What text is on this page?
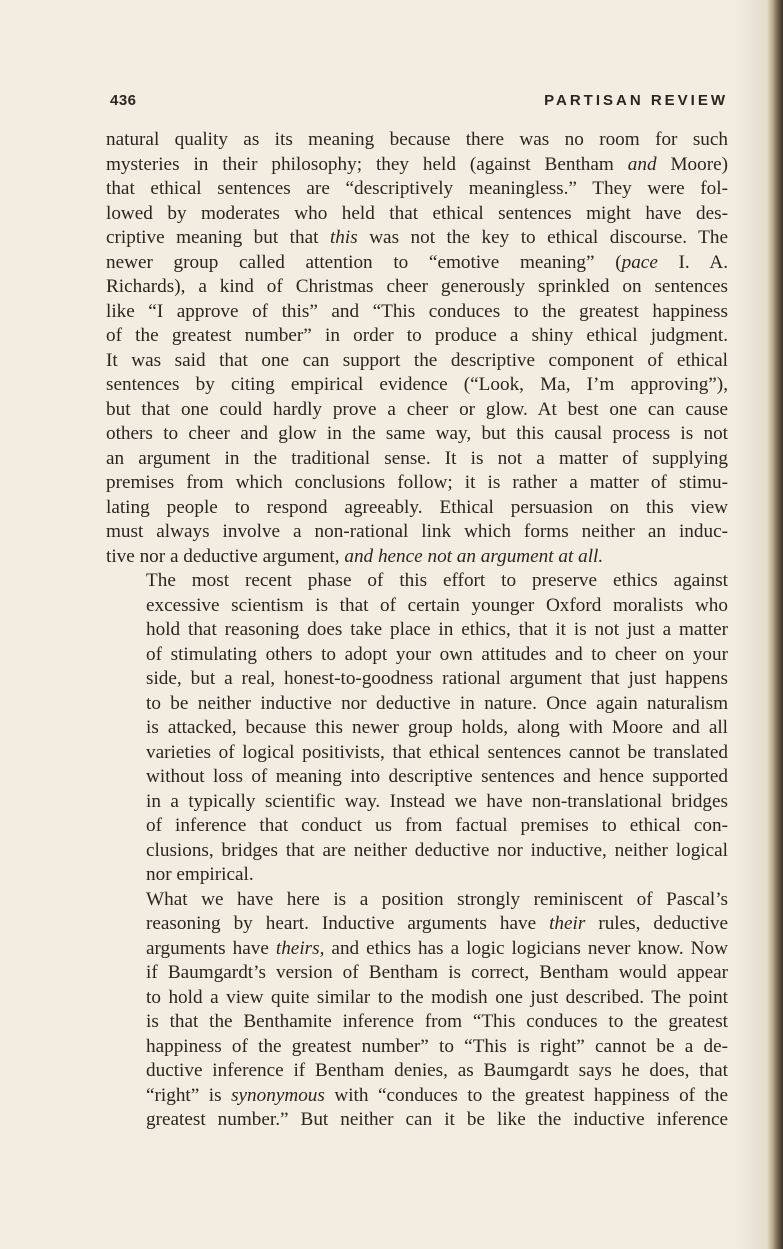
436	PARTISAN REVIEW
natural quality as its meaning because there was no room for such
mysteries in their philosophy; they held (against Bentham and Moore)
that ethical sentences are “descriptively meaningless.” They were fol-
lowed by moderates who held that ethical sentences might have des-
criptive meaning but that this was not the key to ethical discourse. The
newer group called attention to “emotive meaning” (pace I. A.
Richards), a kind of Christmas cheer generously sprinkled on sentences
like “I approve of this” and “This conduces to the greatest happiness
of the greatest number” in order to produce a shiny ethical judgment.
It was said that one can support the descriptive component of ethical
sentences by citing empirical evidence (“Look, Ma, I’m approving”),
but that one could hardly prove a cheer or glow. At best one can cause
others to cheer and glow in the same way, but this causal process is not
an argument in the traditional sense. It is not a matter of supplying
premises from which conclusions follow; it is rather a matter of stimu-
lating people to respond agreeably. Ethical persuasion on this view
must always involve a non-rational link which forms neither an induc-
tive nor a deductive argument, and hence not an argument at all.
The most recent phase of this effort to preserve ethics against
excessive scientism is that of certain younger Oxford moralists who
hold that reasoning does take place in ethics, that it is not just a matter
of stimulating others to adopt your own attitudes and to cheer on your
side, but a real, honest-to-goodness rational argument that just happens
to be neither inductive nor deductive in nature. Once again naturalism
is attacked, because this newer group holds, along with Moore and all
varieties of logical positivists, that ethical sentences cannot be translated
without loss of meaning into descriptive sentences and hence supported
in a typically scientific way. Instead we have non-translational bridges
of inference that conduct us from factual premises to ethical con-
clusions, bridges that are neither deductive nor inductive, neither logical
nor empirical.
What we have here is a position strongly reminiscent of Pascal’s
reasoning by heart. Inductive arguments have their rules, deductive
arguments have theirs, and ethics has a logic logicians never know. Now
if Baumgardt’s version of Bentham is correct, Bentham would appear
to hold a view quite similar to the modish one just described. The point
is that the Benthamite inference from “This conduces to the greatest
happiness of the greatest number” to “This is right” cannot be a de-
ductive inference if Bentham denies, as Baumgardt says he does, that
“right” is synonymous with “conduces to the greatest happiness of the
greatest number.” But neither can it be like the inductive inference
